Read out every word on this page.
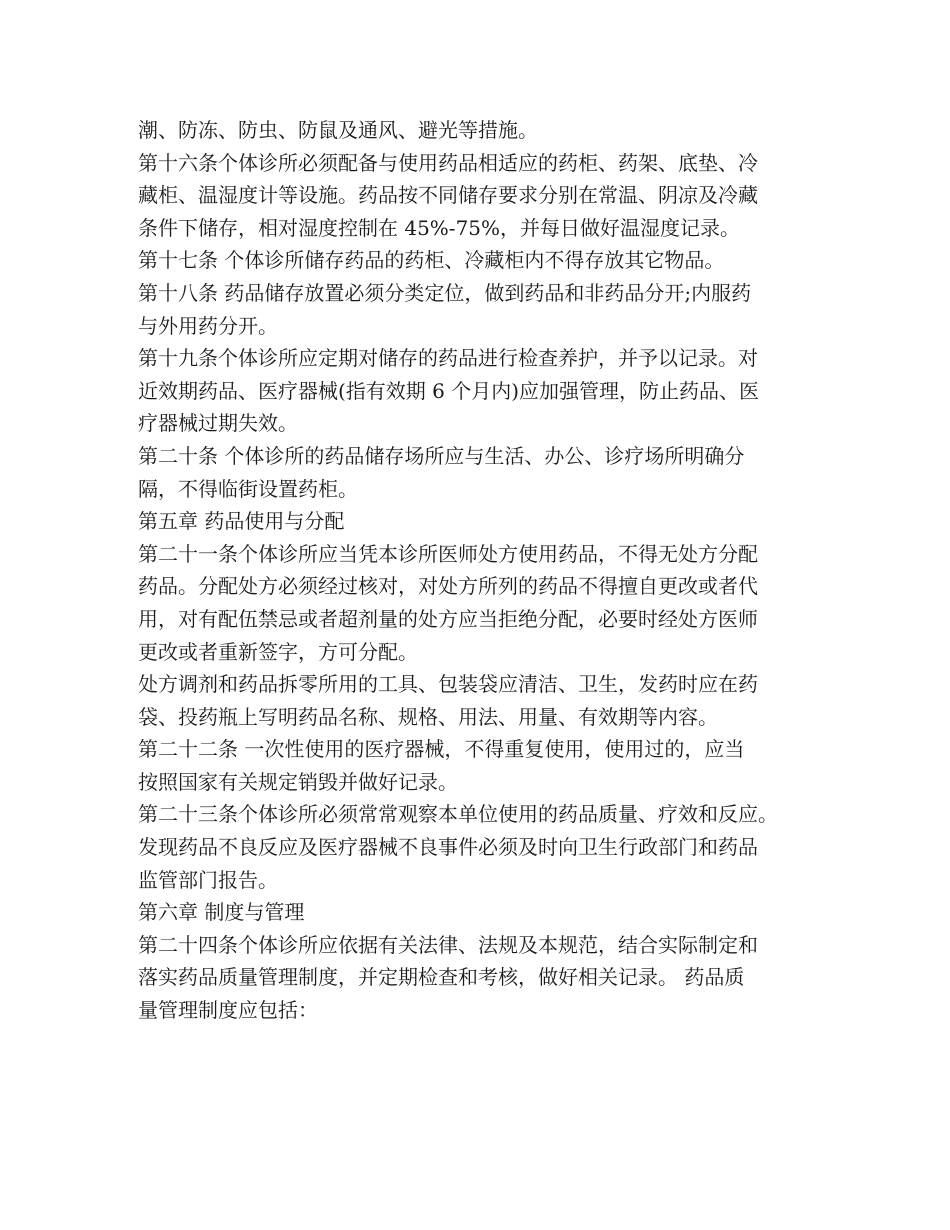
潮、防冻、防虫、防鼠及通风、避光等措施。
第十六条个体诊所必须配备与使用药品相适应的药柜、药架、底垫、冷
藏柜、温湿度计等设施。药品按不同储存要求分别在常温、阴凉及冷藏
条件下储存，相对湿度控制在 45%-75%，并每日做好温湿度记录。
第十七条 个体诊所储存药品的药柜、冷藏柜内不得存放其它物品。
第十八条 药品储存放置必须分类定位，做到药品和非药品分开;内服药
与外用药分开。
第十九条个体诊所应定期对储存的药品进行检查养护，并予以记录。对
近效期药品、医疗器械(指有效期 6 个月内)应加强管理，防止药品、医
疗器械过期失效。
第二十条 个体诊所的药品储存场所应与生活、办公、诊疗场所明确分
隔，不得临街设置药柜。
第五章 药品使用与分配
第二十一条个体诊所应当凭本诊所医师处方使用药品，不得无处方分配
药品。分配处方必须经过核对，对处方所列的药品不得擅自更改或者代
用，对有配伍禁忌或者超剂量的处方应当拒绝分配，必要时经处方医师
更改或者重新签字，方可分配。
处方调剂和药品拆零所用的工具、包装袋应清洁、卫生，发药时应在药
袋、投药瓶上写明药品名称、规格、用法、用量、有效期等内容。
第二十二条 一次性使用的医疗器械，不得重复使用，使用过的，应当
按照国家有关规定销毁并做好记录。
第二十三条个体诊所必须常常观察本单位使用的药品质量、疗效和反应。
发现药品不良反应及医疗器械不良事件必须及时向卫生行政部门和药品
监管部门报告。
第六章 制度与管理
第二十四条个体诊所应依据有关法律、法规及本规范，结合实际制定和
落实药品质量管理制度，并定期检查和考核，做好相关记录。 药品质
量管理制度应包括：
